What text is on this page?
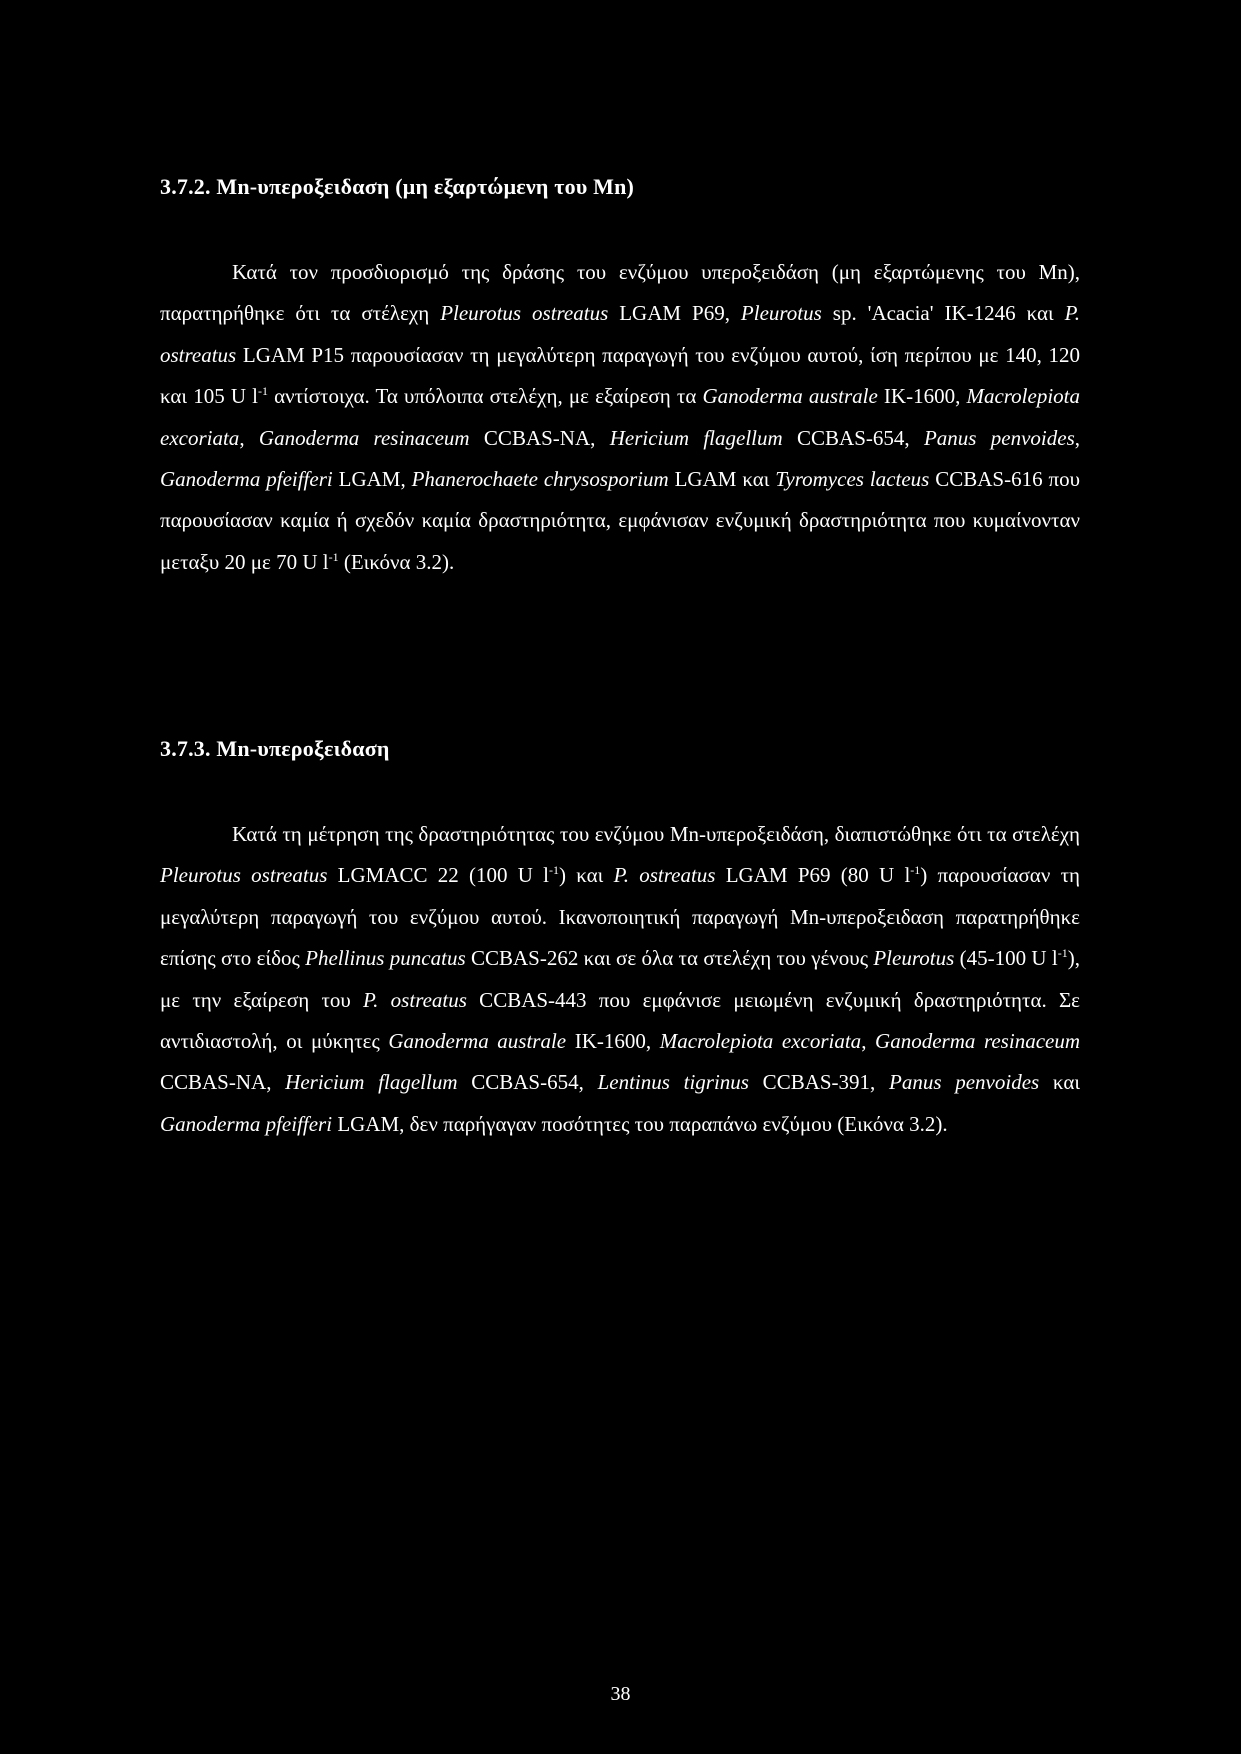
3.7.2. Mn-υπεροξειδαση (μη εξαρτώμενη του Mn)

Κατά τον προσδιορισμό της δράσης του ενζύμου υπεροξειδάση (μη εξαρτώμενης του Mn), παρατηρήθηκε ότι τα στέλεχη Pleurotus ostreatus LGAM P69, Pleurotus sp. 'Acacia' IK-1246 και P. ostreatus LGAM P15 παρουσίασαν τη μεγαλύτερη παραγωγή του ενζύμου αυτού, ίση περίπου με 140, 120 και 105 U $l^{-1}$ αντίστοιχα. Τα υπόλοιπα στελέχη, με εξαίρεση τα Ganoderma australe IK-1600, Macrolepiota excoriata, Ganoderma resinaceum CCBAS-NA, Hericium flagellum CCBAS-654, Panus penvoides, Ganoderma pfeifferi LGAM, Phanerochaete chrysosporium LGAM και Tyromyces lacteus CCBAS-616 που παρουσίασαν καμία ή σχεδόν καμία δραστηριότητα, εμφάνισαν ενζυμική δραστηριότητα που κυμαίνονταν μεταξυ 20 με 70 U $l^{-1}$ (Εικόνα 3.2).

3.7.3. Mn-υπεροξειδαση

Κατά τη μέτρηση της δραστηριότητας του ενζύμου Mn-υπεροξειδάση, διαπιστώθηκε ότι τα στελέχη Pleurotus ostreatus LGMACC 22 (100 U $l^{-1}$) και P. ostreatus LGAM P69 (80 U $l^{-1}$) παρουσίασαν τη μεγαλύτερη παραγωγή του ενζύμου αυτού. Ικανοποιητική παραγωγή Mn-υπεροξειδαση παρατηρήθηκε επίσης στο είδος Phellinus puncatus CCBAS-262 και σε όλα τα στελέχη του γένους Pleurotus (45-100 U $l^{-1}$), με την εξαίρεση του P. ostreatus CCBAS-443 που εμφάνισε μειωμένη ενζυμική δραστηριότητα. Σε αντιδιαστολή, οι μύκητες Ganoderma australe IK-1600, Macrolepiota excoriata, Ganoderma resinaceum CCBAS-NA, Hericium flagellum CCBAS-654, Lentinus tigrinus CCBAS-391, Panus penvoides και Ganoderma pfeifferi LGAM, δεν παρήγαγαν ποσότητες του παραπάνω ενζύμου (Εικόνα 3.2).

38
